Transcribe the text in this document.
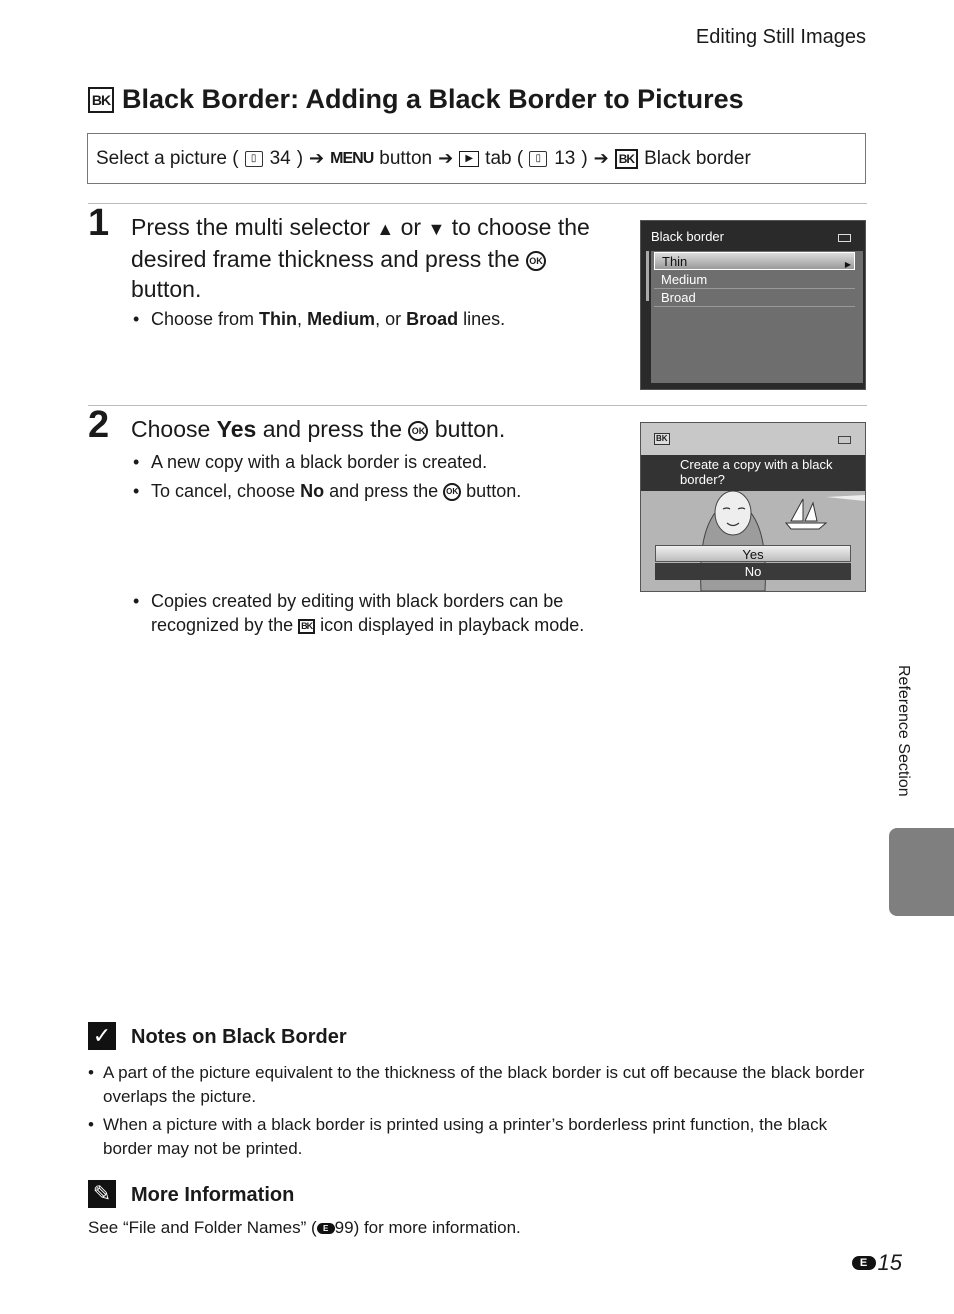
Editing Still Images
BK Black Border: Adding a Black Border to Pictures
Select a picture (	▯ 34 ) ➔ MENU button ➔	▶ tab (	▯ 13 ) ➔ BK Black border
1 Press the multi selector ▲ or ▼ to choose the desired frame thickness and press the OK button.
• Choose from Thin, Medium, or Broad lines.
Black border
Thin	▶
Medium
Broad
2 Choose Yes and press the OK button.
• A new copy with a black border is created.
• To cancel, choose No and press the OK button.
• Copies created by editing with black borders can be recognized by the BK icon displayed in playback mode.
BK
Create a copy with a black border?
Yes
No
✓ Notes on Black Border
• A part of the picture equivalent to the thickness of the black border is cut off because the black border overlaps the picture.
• When a picture with a black border is printed using a printer’s borderless print function, the black border may not be printed.
✎ More Information
See “File and Folder Names” ( E 99) for more information.
Reference Section
E 15
